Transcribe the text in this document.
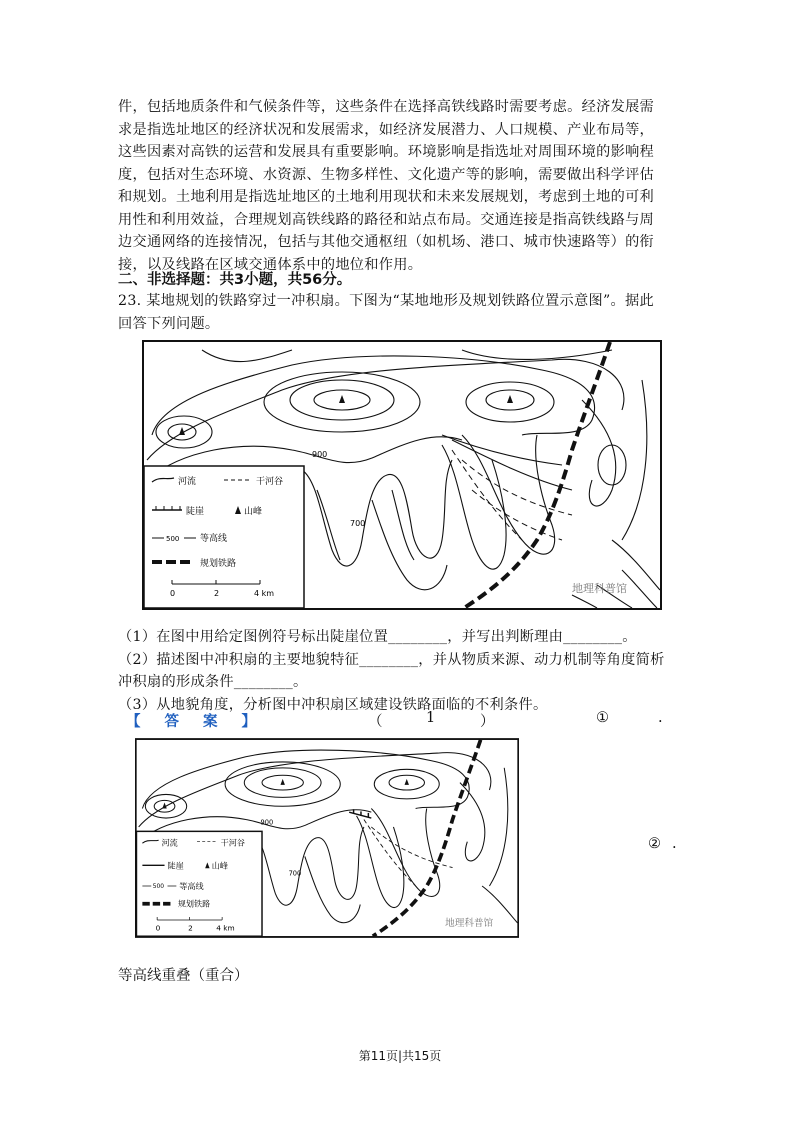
件，包括地质条件和气候条件等，这些条件在选择高铁线路时需要考虑。经济发展需
求是指选址地区的经济状况和发展需求，如经济发展潜力、人口规模、产业布局等，
这些因素对高铁的运营和发展具有重要影响。环境影响是指选址对周围环境的影响程
度，包括对生态环境、水资源、生物多样性、文化遗产等的影响，需要做出科学评估
和规划。土地利用是指选址地区的土地利用现状和未来发展规划，考虑到土地的可利
用性和利用效益，合理规划高铁线路的路径和站点布局。交通连接是指高铁线路与周
边交通网络的连接情况，包括与其他交通枢纽（如机场、港口、城市快速路等）的衔
接，以及线路在区域交通体系中的地位和作用。
二、非选择题：共3小题，共56分。
23. 某地规划的铁路穿过一冲积扇。下图为“某地地形及规划铁路位置示意图”。据此
回答下列问题。
900
700
河流	干河谷
陡崖	山峰
500 等高线
规划铁路
0	2	4 km	地理科普馆
（1）在图中用给定图例符号标出陡崖位置________，并写出判断理由________。
（2）描述图中冲积扇的主要地貌特征________，并从物质来源、动力机制等角度简析
冲积扇的形成条件________。
（3）从地貌角度，分析图中冲积扇区域建设铁路面临的不利条件。
【答案】	（	1	）	①	.
900
700
河流	干河谷
陡崖	山峰
500 等高线
规划铁路
0	2 4 km	地理科普馆
② .
等高线重叠（重合）
第11页|共15页
